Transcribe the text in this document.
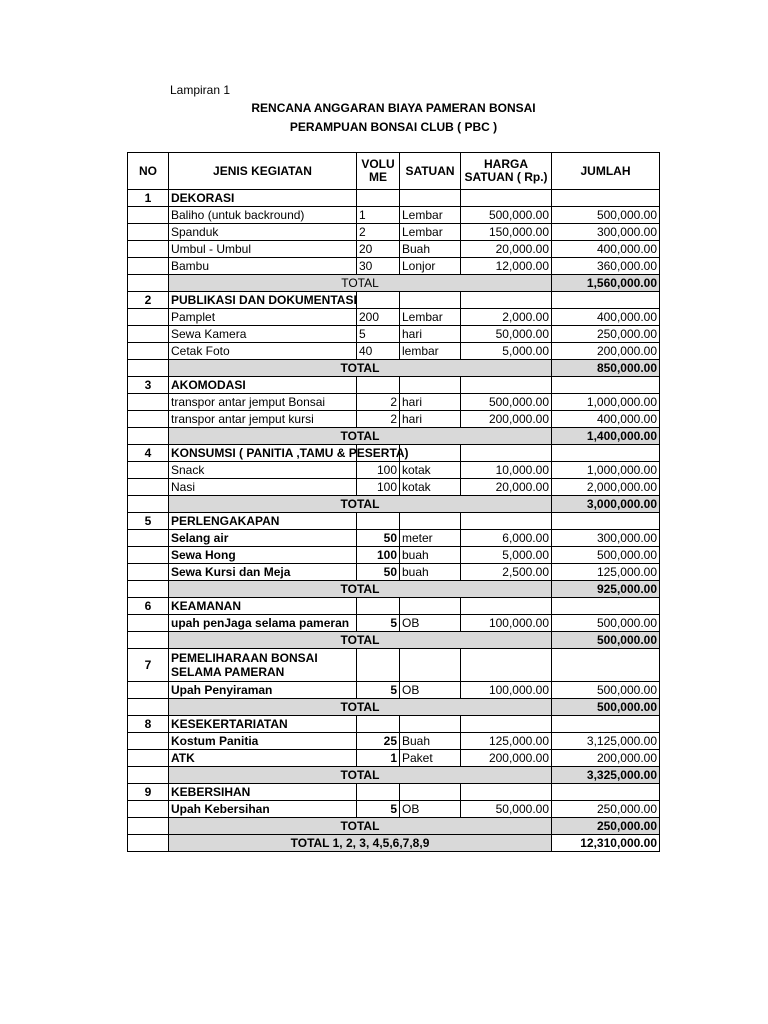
Lampiran 1
RENCANA ANGGARAN BIAYA PAMERAN BONSAI
PERAMPUAN BONSAI CLUB ( PBC )
NO	JENIS KEGIATAN	VOLU ME	SATUAN	HARGA SATUAN ( Rp.)	JUMLAH
1	DEKORASI				
	Baliho (untuk backround)	1	Lembar	500,000.00	500,000.00
	Spanduk	2	Lembar	150,000.00	300,000.00
	Umbul - Umbul	20	Buah	20,000.00	400,000.00
	Bambu	30	Lonjor	12,000.00	360,000.00
	TOTAL				1,560,000.00
2	PUBLIKASI DAN DOKUMENTASI				
	Pamplet	200	Lembar	2,000.00	400,000.00
	Sewa Kamera	5	hari	50,000.00	250,000.00
	Cetak Foto	40	lembar	5,000.00	200,000.00
	TOTAL				850,000.00
3	AKOMODASI				
	transpor antar jemput Bonsai	2	hari	500,000.00	1,000,000.00
	transpor antar jemput kursi	2	hari	200,000.00	400,000.00
	TOTAL				1,400,000.00
4	KONSUMSI ( PANITIA ,TAMU & PESERTA)				
	Snack	100	kotak	10,000.00	1,000,000.00
	Nasi	100	kotak	20,000.00	2,000,000.00
	TOTAL				3,000,000.00
5	PERLENGAKAPAN				
	Selang air	50	meter	6,000.00	300,000.00
	Sewa Hong	100	buah	5,000.00	500,000.00
	Sewa Kursi dan Meja	50	buah	2,500.00	125,000.00
	TOTAL				925,000.00
6	KEAMANAN				
	upah penJaga selama pameran	5	OB	100,000.00	500,000.00
	TOTAL				500,000.00
7	PEMELIHARAAN BONSAI SELAMA PAMERAN				
	Upah Penyiraman	5	OB	100,000.00	500,000.00
	TOTAL				500,000.00
8	KESEKERTARIATAN				
	Kostum Panitia	25	Buah	125,000.00	3,125,000.00
	ATK	1	Paket	200,000.00	200,000.00
	TOTAL				3,325,000.00
9	KEBERSIHAN				
	Upah Kebersihan	5	OB	50,000.00	250,000.00
	TOTAL				250,000.00
	TOTAL 1, 2, 3, 4,5,6,7,8,9				12,310,000.00
